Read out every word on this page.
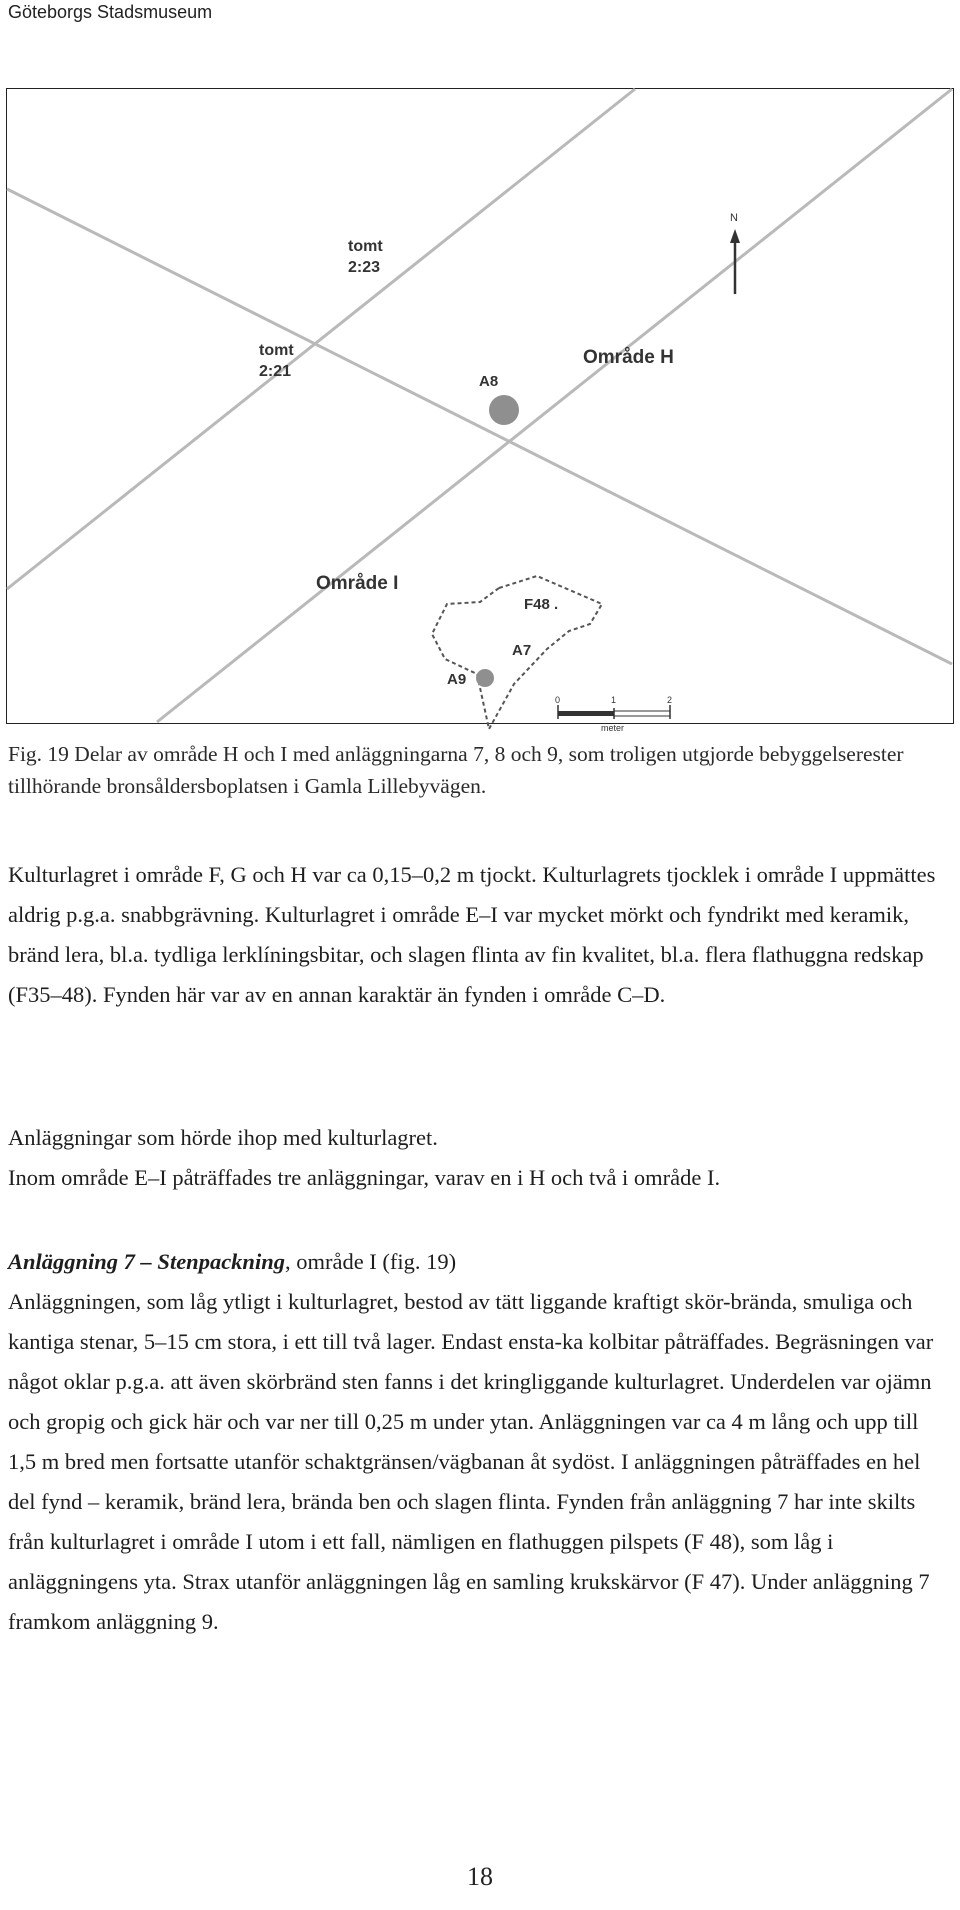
Göteborgs Stadsmuseum
N
tomt
2:23
tomt
2:21
Område H
Område I
A8
F48 .
A7
A9
0	1	2
meter
Fig. 19 Delar av område H och I med anläggningarna 7, 8 och 9, som troligen utgjorde bebyggelserester tillhörande bronsåldersboplatsen i Gamla Lillebyvägen.

Kulturlagret i område F, G och H var ca 0,15–0,2 m tjockt. Kulturlagrets tjocklek i område I uppmättes aldrig p.g.a. snabbgrävning. Kulturlagret i område E–I var mycket mörkt och fyndrikt med keramik, bränd lera, bl.a. tydliga lerklíningsbitar, och slagen flinta av fin kvalitet, bl.a. flera flathuggna redskap (F35–48). Fynden här var av en annan karaktär än fynden i område C–D.

Anläggningar som hörde ihop med kulturlagret.

Inom område E–I påträffades tre anläggningar, varav en i H och två i område I.

Anläggning 7 – Stenpackning, område I (fig. 19)

Anläggningen, som låg ytligt i kulturlagret, bestod av tätt liggande kraftigt skör-brända, smuliga och kantiga stenar, 5–15 cm stora, i ett till två lager. Endast ensta-ka kolbitar påträffades. Begräsningen var något oklar p.g.a. att även skörbränd sten fanns i det kringliggande kulturlagret. Underdelen var ojämn och gropig och gick här och var ner till 0,25 m under ytan. Anläggningen var ca 4 m lång och upp till 1,5 m bred men fortsatte utanför schaktgränsen/vägbanan åt sydöst. I anläggningen påträffades en hel del fynd – keramik, bränd lera, brända ben och slagen flinta. Fynden från anläggning 7 har inte skilts från kulturlagret i område I utom i ett fall, nämligen en flathuggen pilspets (F 48), som låg i anläggningens yta. Strax utanför anläggningen låg en samling krukskärvor (F 47). Under anläggning 7 framkom anläggning 9.

18
